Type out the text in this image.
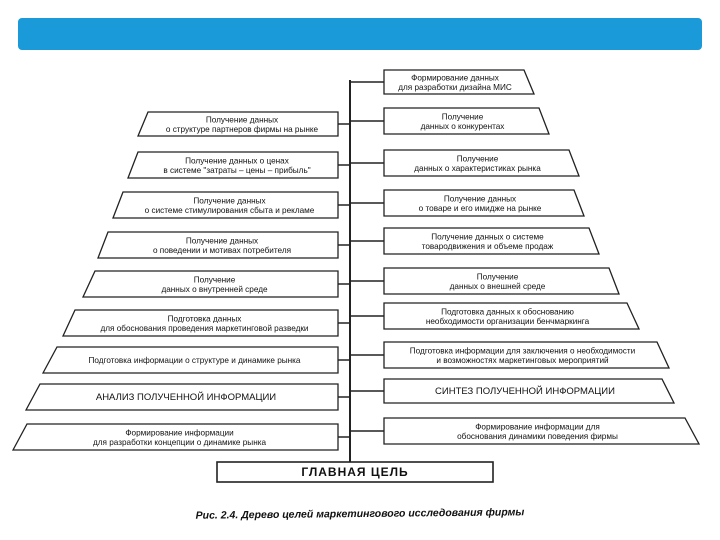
Получение данных
о структуре партнеров фирмы на рынке
Получение данных о ценах
в системе "затраты – цены – прибыль"
Получение данных
о системе стимулирования сбыта и рекламе
Получение данных
о поведении и мотивах потребителя
Получение
данных о внутренней среде
Подготовка данных
для обоснования проведения маркетинговой разведки
Подготовка информации о структуре и динамике рынка
АНАЛИЗ ПОЛУЧЕННОЙ ИНФОРМАЦИИ
Формирование информации
для разработки концепции о динамике рынка
Формирование данных
для разработки дизайна МИС
Получение
данных о конкурентах
Получение
данных о характеристиках рынка
Получение данных
о товаре и его имидже на рынке
Получение данных о системе
товародвижения и объеме продаж
Получение
данных о внешней среде
Подготовка данных к обоснованию
необходимости организации бенчмаркинга
Подготовка информации для заключения о необходимости
и возможностях маркетинговых мероприятий
СИНТЕЗ ПОЛУЧЕННОЙ ИНФОРМАЦИИ
Формирование информации для
обоснования динамики поведения фирмы
ГЛАВНАЯ ЦЕЛЬ
Рис. 2.4. Дерево целей маркетингового исследования фирмы
